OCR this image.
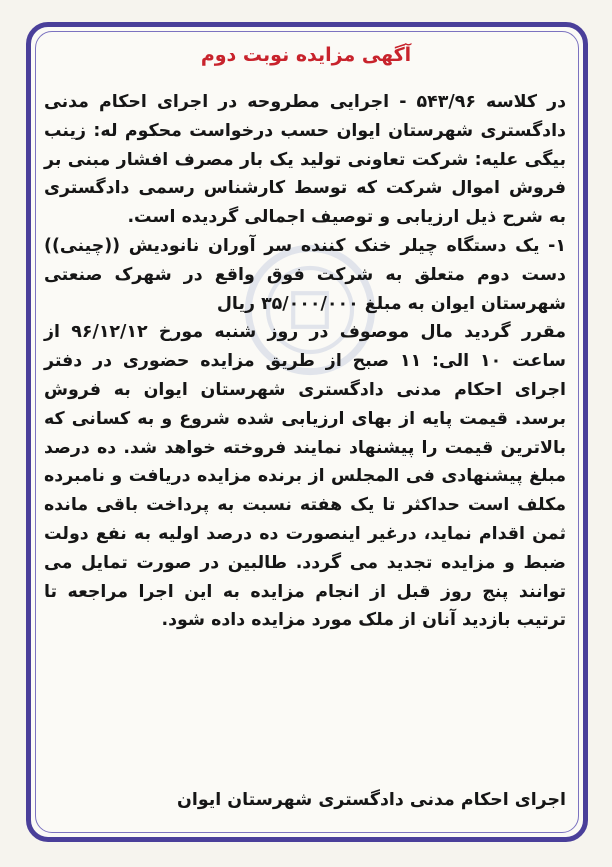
آگهی مزایده نوبت دوم

در کلاسه ۵۴۳/۹۶ - اجرایی مطروحه در اجرای احکام مدنی دادگستری شهرستان ایوان حسب درخواست محکوم له: زینب بیگی علیه: شرکت تعاونی تولید یک بار مصرف افشار مبنی بر فروش اموال شرکت که توسط کارشناس رسمی دادگستری به شرح ذیل ارزیابی و توصیف اجمالی گردیده است.

۱- یک دستگاه چیلر خنک کننده سر آوران نانودیش ((چینی)) دست دوم متعلق به شرکت فوق واقع در شهرک صنعتی شهرستان ایوان به مبلغ ۳۵/۰۰۰/۰۰۰ ریال

مقرر گردید مال موصوف در روز شنبه مورخ ۹۶/۱۲/۱۲ از ساعت ۱۰ الی: ۱۱ صبح از طریق مزایده حضوری در دفتر اجرای احکام مدنی دادگستری شهرستان ایوان به فروش برسد. قیمت پایه از بهای ارزیابی شده شروع و به کسانی که بالاترین قیمت را پیشنهاد نمایند فروخته خواهد شد. ده درصد مبلغ پیشنهادی فی المجلس از برنده مزایده دریافت و نامبرده مکلف است حداکثر تا یک هفته نسبت به پرداخت باقی مانده ثمن اقدام نماید، درغیر اینصورت ده درصد اولیه به نفع دولت ضبط و مزایده تجدید می گردد. طالبین در صورت تمایل می توانند پنج روز قبل از انجام مزایده به این اجرا مراجعه تا ترتیب بازدید آنان از ملک مورد مزایده داده شود.

اجرای احکام مدنی دادگستری شهرستان ایوان
